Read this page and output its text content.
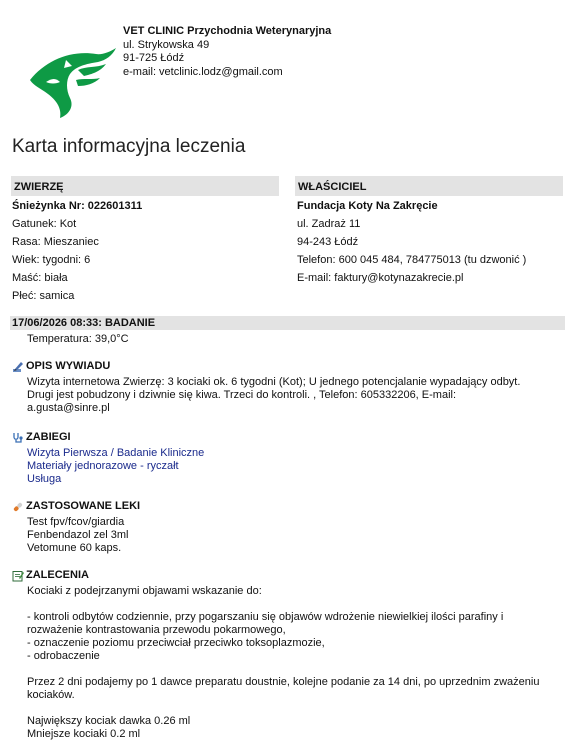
VET CLINIC Przychodnia Weterynaryjna
ul. Strykowska 49
91-725 Łódź
e-mail: vetclinic.lodz@gmail.com
Karta informacyjna leczenia
ZWIERZĘ
Śnieżynka Nr: 022601311
Gatunek: Kot
Rasa: Mieszaniec
Wiek: tygodni: 6
Maść: biała
Płeć: samica
WŁAŚCICIEL
Fundacja Koty Na Zakręcie
ul. Zadraż 11
94-243 Łódź
Telefon: 600 045 484, 784775013 (tu dzwonić )
E-mail: faktury@kotynazakrecie.pl
17/06/2026 08:33: BADANIE
Temperatura: 39,0°C
OPIS WYWIADU
Wizyta internetowa Zwierzę: 3 kociaki ok. 6 tygodni (Kot); U jednego potencjalanie wypadający odbyt.
Drugi jest pobudzony i dziwnie się kiwa. Trzeci do kontroli. , Telefon: 605332206, E-mail:
a.gusta@sinre.pl
ZABIEGI
Wizyta Pierwsza / Badanie Kliniczne
Materiały jednorazowe - ryczałt
Usługa
ZASTOSOWANE LEKI
Test fpv/fcov/giardia
Fenbendazol zel 3ml
Vetomune 60 kaps.
ZALECENIA
Kociaki z podejrzanymi objawami wskazanie do:
- kontroli odbytów codziennie, przy pogarszaniu się objawów wdrożenie niewielkiej ilości parafiny i
rozważenie kontrastowania przewodu pokarmowego,
- oznaczenie poziomu przeciwciał przeciwko toksoplazmozie,
- odrobaczenie
Przez 2 dni podajemy po 1 dawce preparatu doustnie, kolejne podanie za 14 dni, po uprzednim zważeniu
kociaków.
Największy kociak dawka 0.26 ml
Mniejsze kociaki 0.2 ml
